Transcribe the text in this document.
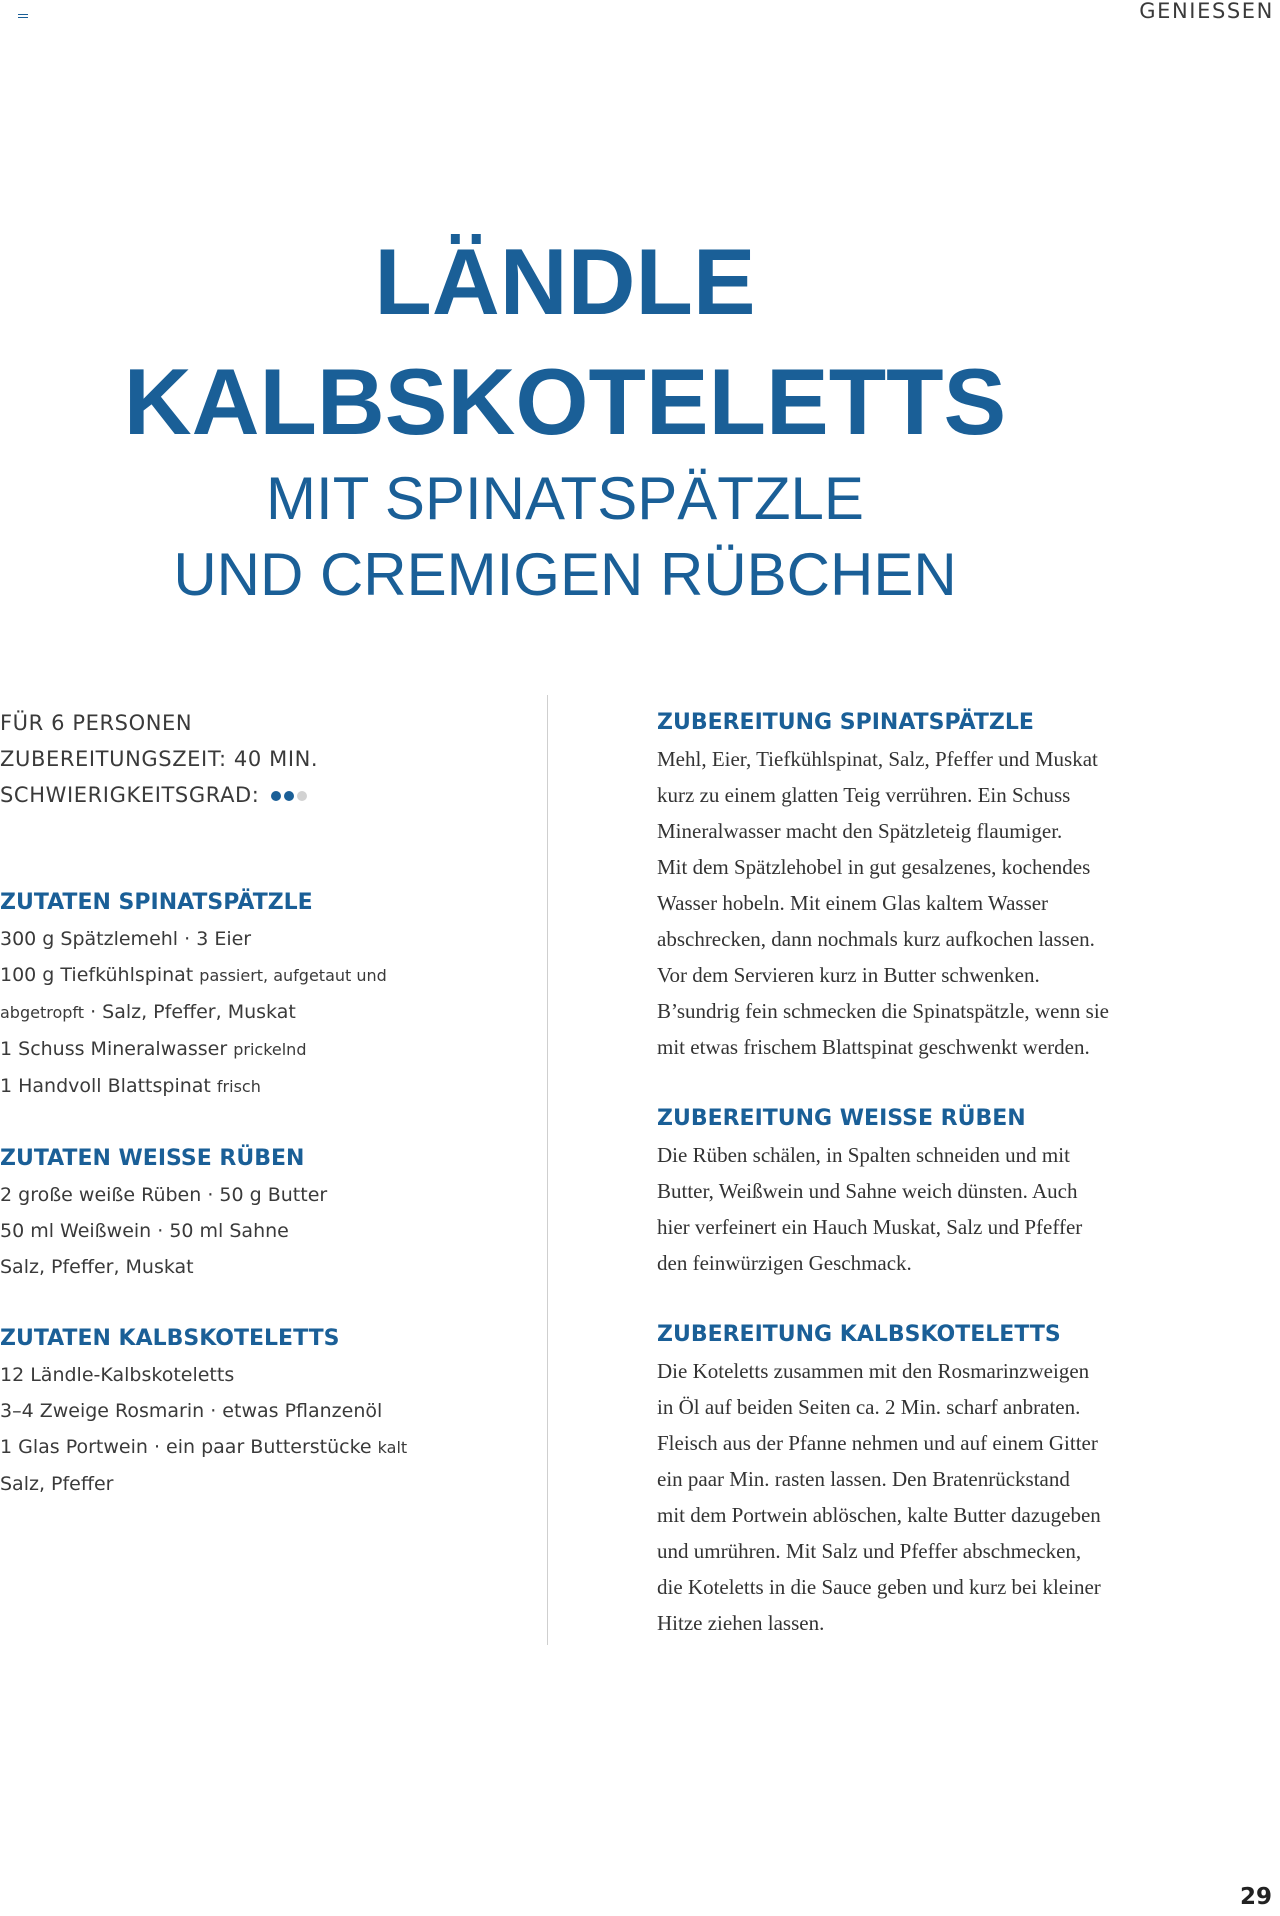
GENIESSEN
LÄNDLE
KALBSKOTELETTS
MIT SPINATSPÄTZLE
UND CREMIGEN RÜBCHEN
FÜR 6 PERSONEN
ZUBEREITUNGSZEIT: 40 MIN.
SCHWIERIGKEITSGRAD:
ZUTATEN SPINATSPÄTZLE
300 g Spätzlemehl · 3 Eier
100 g Tiefkühlspinat passiert, aufgetaut und
abgetropft · Salz, Pfeffer, Muskat
1 Schuss Mineralwasser prickelnd
1 Handvoll Blattspinat frisch
ZUTATEN WEISSE RÜBEN
2 große weiße Rüben · 50 g Butter
50 ml Weißwein · 50 ml Sahne
Salz, Pfeffer, Muskat
ZUTATEN KALBSKOTELETTS
12 Ländle-Kalbskoteletts
3–4 Zweige Rosmarin · etwas Pflanzenöl
1 Glas Portwein · ein paar Butterstücke kalt
Salz, Pfeffer
ZUBEREITUNG SPINATSPÄTZLE
Mehl, Eier, Tiefkühlspinat, Salz, Pfeffer und Muskat
kurz zu einem glatten Teig verrühren. Ein Schuss
Mineralwasser macht den Spätzleteig flaumiger.
Mit dem Spätzlehobel in gut gesalzenes, kochendes
Wasser hobeln. Mit einem Glas kaltem Wasser
abschrecken, dann nochmals kurz aufkochen lassen.
Vor dem Servieren kurz in Butter schwenken.
B’sundrig fein schmecken die Spinatspätzle, wenn sie
mit etwas frischem Blattspinat geschwenkt werden.
ZUBEREITUNG WEISSE RÜBEN
Die Rüben schälen, in Spalten schneiden und mit
Butter, Weißwein und Sahne weich dünsten. Auch
hier verfeinert ein Hauch Muskat, Salz und Pfeffer
den feinwürzigen Geschmack.
ZUBEREITUNG KALBSKOTELETTS
Die Koteletts zusammen mit den Rosmarinzweigen
in Öl auf beiden Seiten ca. 2 Min. scharf anbraten.
Fleisch aus der Pfanne nehmen und auf einem Gitter
ein paar Min. rasten lassen. Den Bratenrückstand
mit dem Portwein ablöschen, kalte Butter dazugeben
und umrühren. Mit Salz und Pfeffer abschmecken,
die Koteletts in die Sauce geben und kurz bei kleiner
Hitze ziehen lassen.
29
